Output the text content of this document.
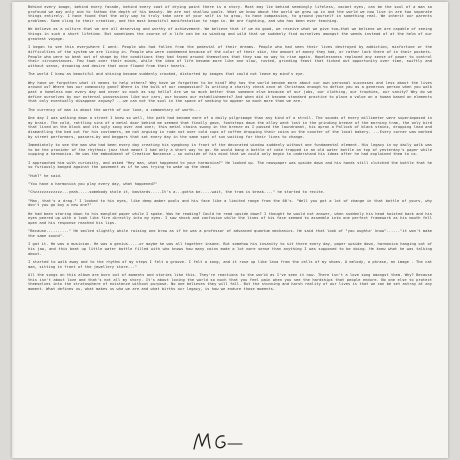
Behind every image, behind every facade, behind every coat of drying paint there is a story. Most may lie behind seemingly lifeless, vacant eyes, can be the soul of a man so profound we may only aim to fathom the depth of his beauty. We are not shallow pools. What we know about the world we grew up in and the world we now live in are two separate things entirely. I have found that the only way to truly take care of your self is to grow, to have compassion, to ground yourself in something real. We inherit our parents problems. Some cling to their creation, and the most beautiful manifestation to rage in. We are fighting, and who has been ever teaching.

We believe as a culture that we are all deserving and worthy of achievement. We believe that if we do good, we receive what we give too—that we believe we are capable of seeing things in such a short lifetime. But sometimes the course of a life can be so winding and wild that we suddenly find ourselves amongst the weeds instead of at the helm of our greatest voyage.

I began to see this everywhere I went. People who had fallen from the pedestal of their dreams. People who had seen their lives destroyed by addiction, misfortune or the difficulties of the system we are living in. People who were condemned because of the color of their skin, the amount of money they had, or rather lack there of in their pockets. People who were so beat out of shape by the conditions they had faced around themselves that they saw no way to rise again. Hopelessness replaced any sense of power to control their circumstances. Few took over their minds, while the idea of life became more like one slow, rusted, grinding feast that ticked out opportunity over time, swiftly and without sense, drowning and desire that once flowed from their hearts.

The world I knew as beautiful and shining became suddenly crooked, distorted by images that could not leave my mind's eye.

Why have we forgotten what it means to help others? Why have we forgotten to be kind? Why has the world become more about our own personal successes and less about the lives around us? Where has our community gone? Where is the bulk of our compassion? Is writing a charity check once at Christmas enough to define you as a generous person when you walk past a homeless man every day and never so much as say hello? Are we so much better than someone else because of our jobs, our clothing, our trophies, our vanity? Why do we define ourselves by our external possessions like our cars, our houses our establishments? And when did it become standard practice to place a value on a human based on elements that only eventually disappear anyway? ...we can not the soul in the space of seeking to appear so much more than we are.

The currency of man is about the worth of our love, a commentary of worth...

One day I was walking down a street I knew so well, the path had become more of a daily pilgrimage than any kind of a stroll. The sounds of every millimeter were superimposed in my brain. The cold, rattling sins of a metal door behind me seemed that finally gave, footsteps down the alley went lost in the grinding breeze of the morning tram, the only bird that lived on the block and its ugly song over and over, this metal chains swung in the breeze as I passed the laundromat, his apron a Pollock of black stains, dropping lead and dismantling the bed out for his customers, me not arguing in rude not over cold cups of coffee dropping their coins on the counter of the local bakery. ...Every corner was marked by street performers, passers-by and beggars that sat every day in the same spot of sun waiting for their lives to change.

Immediately to see the man who had been every day creating his symphony in front of the decorated window suddenly without one fundamental element. His legacy in my daily walk was to be the provider of the rhythmic jazz that meant I had only a short way to go. He would bang a bottle of coke trapped in an old water bottle on top of yesterday's paper while cupping a harmonica. He was the embodiment of Creative Nonsense — so outside of his mind that we could only begin to understand his ideas after he had explained them to us.

I approached him with curiosity, and asked "Hey man, what happened to your harmonica?" He looked up. The newspaper was upside down and his hands still clutched the bottle that he so furiously banged against the pavement as if he was trying to wake up the dead.

"Huh?" he said.

"You have a harmonica you play every day, what happened?"

"Chzzzzzzzzzzzz...yeah.....somebody stole it, bastards.....It's a...gotta be.....wait, the tram is break...." he started to recite.

"Man, that's a drag." I looked to his eyes, like deep amber pools and his face like a limited range from the 60's. "Well you got a lot of change in that bottle of yours, why don't you go buy a new one?"

He had been staring down to his mangled paper while I spoke. Was he reading? Could he read upside down? I thought he would not answer, when suddenly his head hoisted back and his eyes peered up with a look like fire directly into my eyes. I saw shock and confusion while the lines of his face seemed to assemble into one perfect framework as his mouth fell open and his response reached his lips.

"Because.........." He smiled slightly while raising one brow as if he was a professor of advanced quantum mechanics. He said that look of "you oughta' know"......"it won't make the same sound".

I got it. He was a musician. He was a genius.....or maybe he was all together insane. But somehow his insanity to sit there every day, paper upside down, harmonica hanging out of his jaw, and this beat up little water bottle filled with who knows how many coins made a lot more sense than anything I was supposed to be doing. He knew what he was talking about.

I started to walk away and to the rhythm of my steps I felt a groove. I felt a song, and it rose up like lava from the cells of my shoes. A melody, a phrase, an image - The cat man, sitting in front of the jewellery store..."

All the songs on this album are born out of moments and stories like this. They're reactions to the world as I've seen it now. There isn't a love song amongst them. Why? Because this isn't about love and that's not all my story. It's about loving the world so much that you feel pain when you see the hardships that people endure. No one else to protect themselves into the stratosphere of existence without purpose. No one believes they will fall. But the stunning and harsh reality of our lives is that we can be set astray at any moment. What defines us, what makes us who we are and what births our legacy, is how we endure those moments.
